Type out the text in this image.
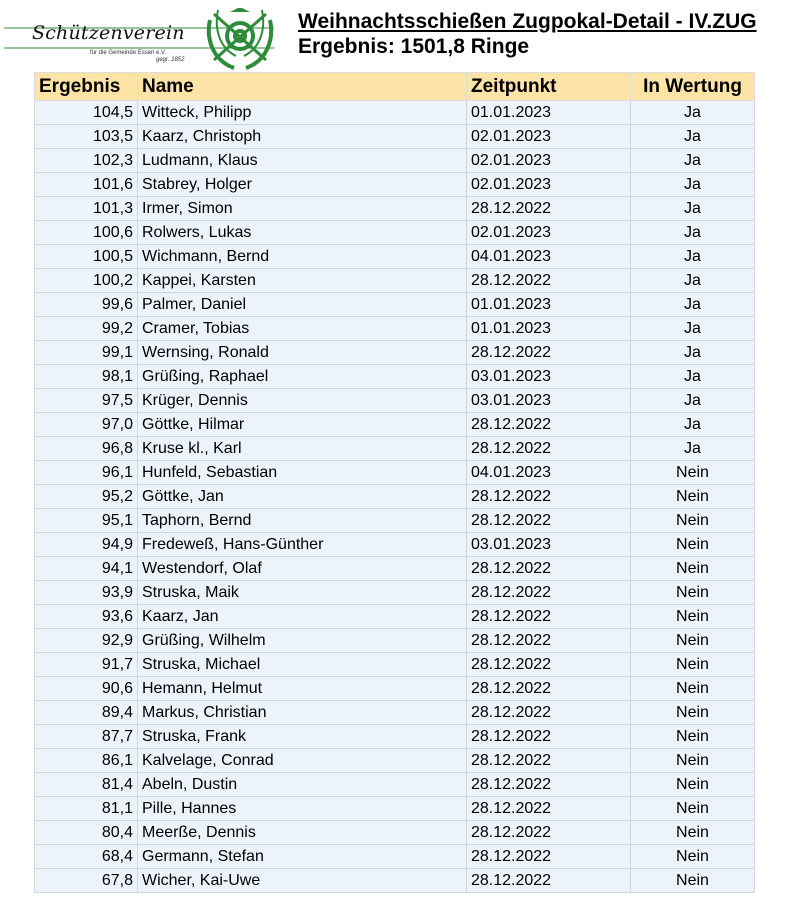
Schützenverein
für die Gemeinde Essen e.V.
gegr. 1852
Weihnachtsschießen Zugpokal-Detail - IV.ZUG
Ergebnis: 1501,8 Ringe
Ergebnis	Name	Zeitpunkt	In Wertung
104,5	Witteck, Philipp	01.01.2023	Ja
103,5	Kaarz, Christoph	02.01.2023	Ja
102,3	Ludmann, Klaus	02.01.2023	Ja
101,6	Stabrey, Holger	02.01.2023	Ja
101,3	Irmer, Simon	28.12.2022	Ja
100,6	Rolwers, Lukas	02.01.2023	Ja
100,5	Wichmann, Bernd	04.01.2023	Ja
100,2	Kappei, Karsten	28.12.2022	Ja
99,6	Palmer, Daniel	01.01.2023	Ja
99,2	Cramer, Tobias	01.01.2023	Ja
99,1	Wernsing, Ronald	28.12.2022	Ja
98,1	Grüßing, Raphael	03.01.2023	Ja
97,5	Krüger, Dennis	03.01.2023	Ja
97,0	Göttke, Hilmar	28.12.2022	Ja
96,8	Kruse kl., Karl	28.12.2022	Ja
96,1	Hunfeld, Sebastian	04.01.2023	Nein
95,2	Göttke, Jan	28.12.2022	Nein
95,1	Taphorn, Bernd	28.12.2022	Nein
94,9	Fredeweß, Hans-Günther	03.01.2023	Nein
94,1	Westendorf, Olaf	28.12.2022	Nein
93,9	Struska, Maik	28.12.2022	Nein
93,6	Kaarz, Jan	28.12.2022	Nein
92,9	Grüßing, Wilhelm	28.12.2022	Nein
91,7	Struska, Michael	28.12.2022	Nein
90,6	Hemann, Helmut	28.12.2022	Nein
89,4	Markus, Christian	28.12.2022	Nein
87,7	Struska, Frank	28.12.2022	Nein
86,1	Kalvelage, Conrad	28.12.2022	Nein
81,4	Abeln, Dustin	28.12.2022	Nein
81,1	Pille, Hannes	28.12.2022	Nein
80,4	Meerße, Dennis	28.12.2022	Nein
68,4	Germann, Stefan	28.12.2022	Nein
67,8	Wicher, Kai-Uwe	28.12.2022	Nein
